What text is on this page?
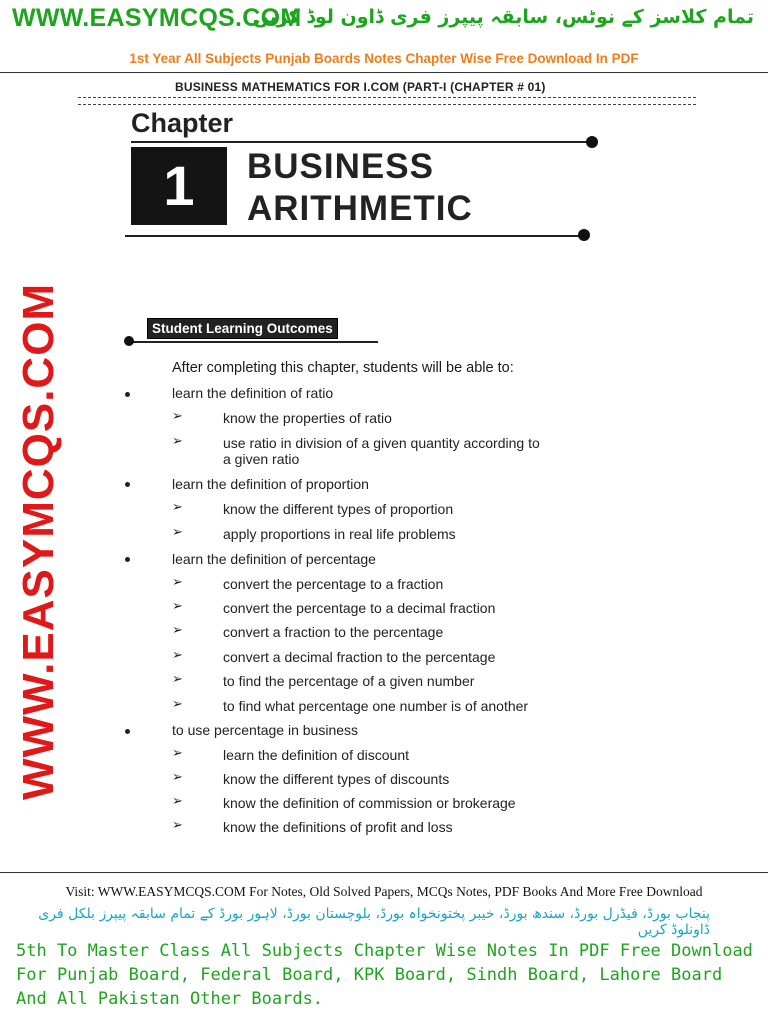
WWW.EASYMCQS.COM
تمام کلاسز کے نوٹس، سابقہ پیپرز فری ڈاون لوڈ کریں
1st Year All Subjects Punjab Boards Notes Chapter Wise Free Download In PDF
BUSINESS MATHEMATICS FOR I.COM (PART-I (CHAPTER # 01)
WWW.EASYMCQS.COM
Chapter
1	BUSINESS
ARITHMETIC
Student Learning Outcomes
After completing this chapter, students will be able to:
learn the definition of ratio
➢	know the properties of ratio
➢	use ratio in division of a given quantity according to
a given ratio
learn the definition of proportion
➢	know the different types of proportion
➢	apply proportions in real life problems
learn the definition of percentage
➢	convert the percentage to a fraction
➢	convert the percentage to a decimal fraction
➢	convert a fraction to the percentage
➢	convert a decimal fraction to the percentage
➢	to find the percentage of a given number
➢	to find what percentage one number is of another
to use percentage in business
➢	learn the definition of discount
➢	know the different types of discounts
➢	know the definition of commission or brokerage
➢	know the definitions of profit and loss
Visit: WWW.EASYMCQS.COM For Notes, Old Solved Papers, MCQs Notes, PDF Books And More Free Download
پنجاب بورڈ، فیڈرل بورڈ، سندھ بورڈ، خیبر پختونخواہ بورڈ، بلوچستان بورڈ، لاہور بورڈ کے تمام سابقہ پیپرز بلکل فری ڈاونلوڈ کریں
5th To Master Class All Subjects Chapter Wise Notes In PDF Free Download For Punjab Board, Federal Board, KPK Board, Sindh Board, Lahore Board And All Pakistan Other Boards.
